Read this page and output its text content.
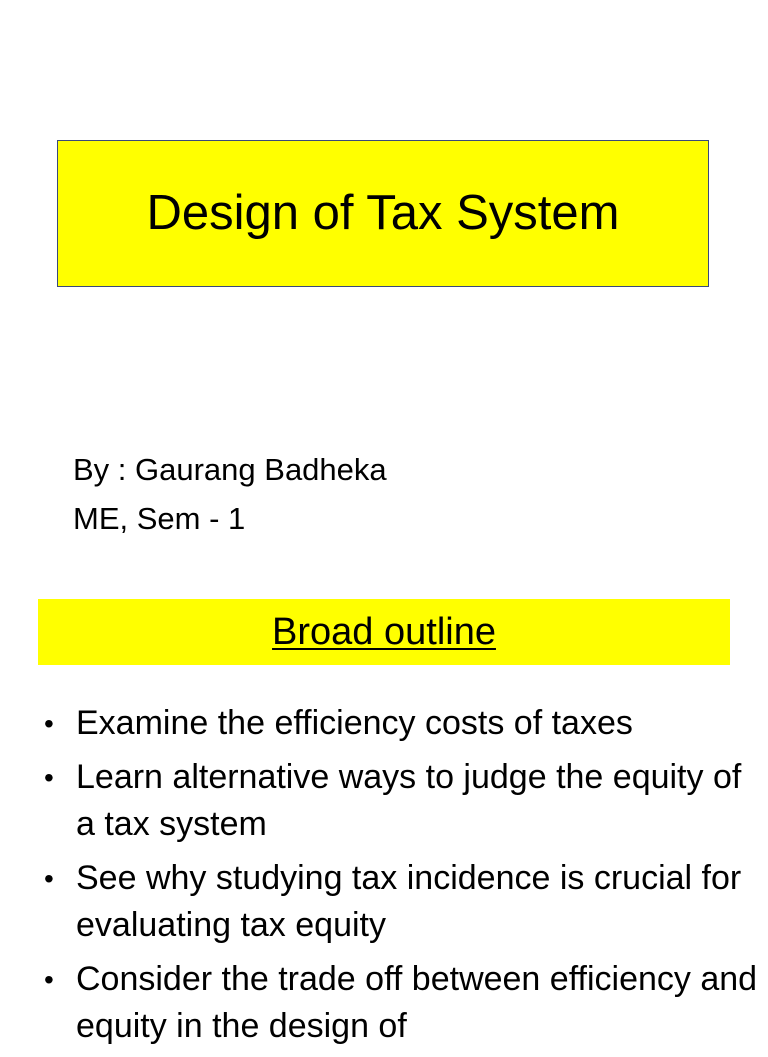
Design of Tax System
By : Gaurang Badheka
ME, Sem - 1
Broad outline
• Examine the efficiency costs of taxes
• Learn alternative ways to judge the equity of a tax system
• See why studying tax incidence is crucial for evaluating tax equity
• Consider the trade off between efficiency and equity in the design of
